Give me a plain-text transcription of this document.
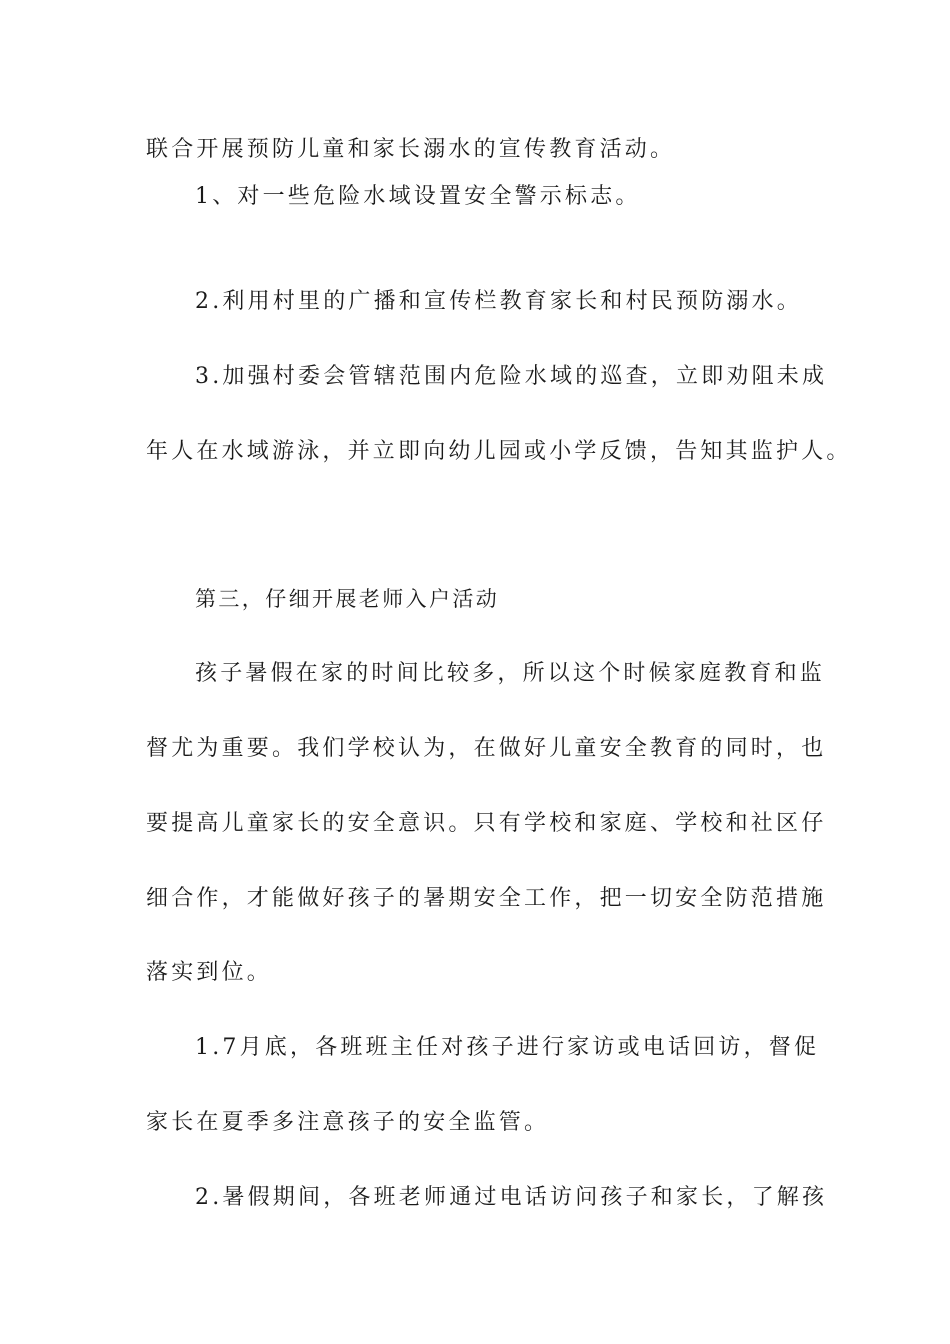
联合开展预防儿童和家长溺水的宣传教育活动。
1、对一些危险水域设置安全警示标志。
2.利用村里的广播和宣传栏教育家长和村民预防溺水。
3.加强村委会管辖范围内危险水域的巡查，立即劝阻未成
年人在水域游泳，并立即向幼儿园或小学反馈，告知其监护人。
第三，仔细开展老师入户活动
孩子暑假在家的时间比较多，所以这个时候家庭教育和监
督尤为重要。我们学校认为，在做好儿童安全教育的同时，也
要提高儿童家长的安全意识。只有学校和家庭、学校和社区仔
细合作，才能做好孩子的暑期安全工作，把一切安全防范措施
落实到位。
1.7月底，各班班主任对孩子进行家访或电话回访，督促
家长在夏季多注意孩子的安全监管。
2.暑假期间，各班老师通过电话访问孩子和家长，了解孩
